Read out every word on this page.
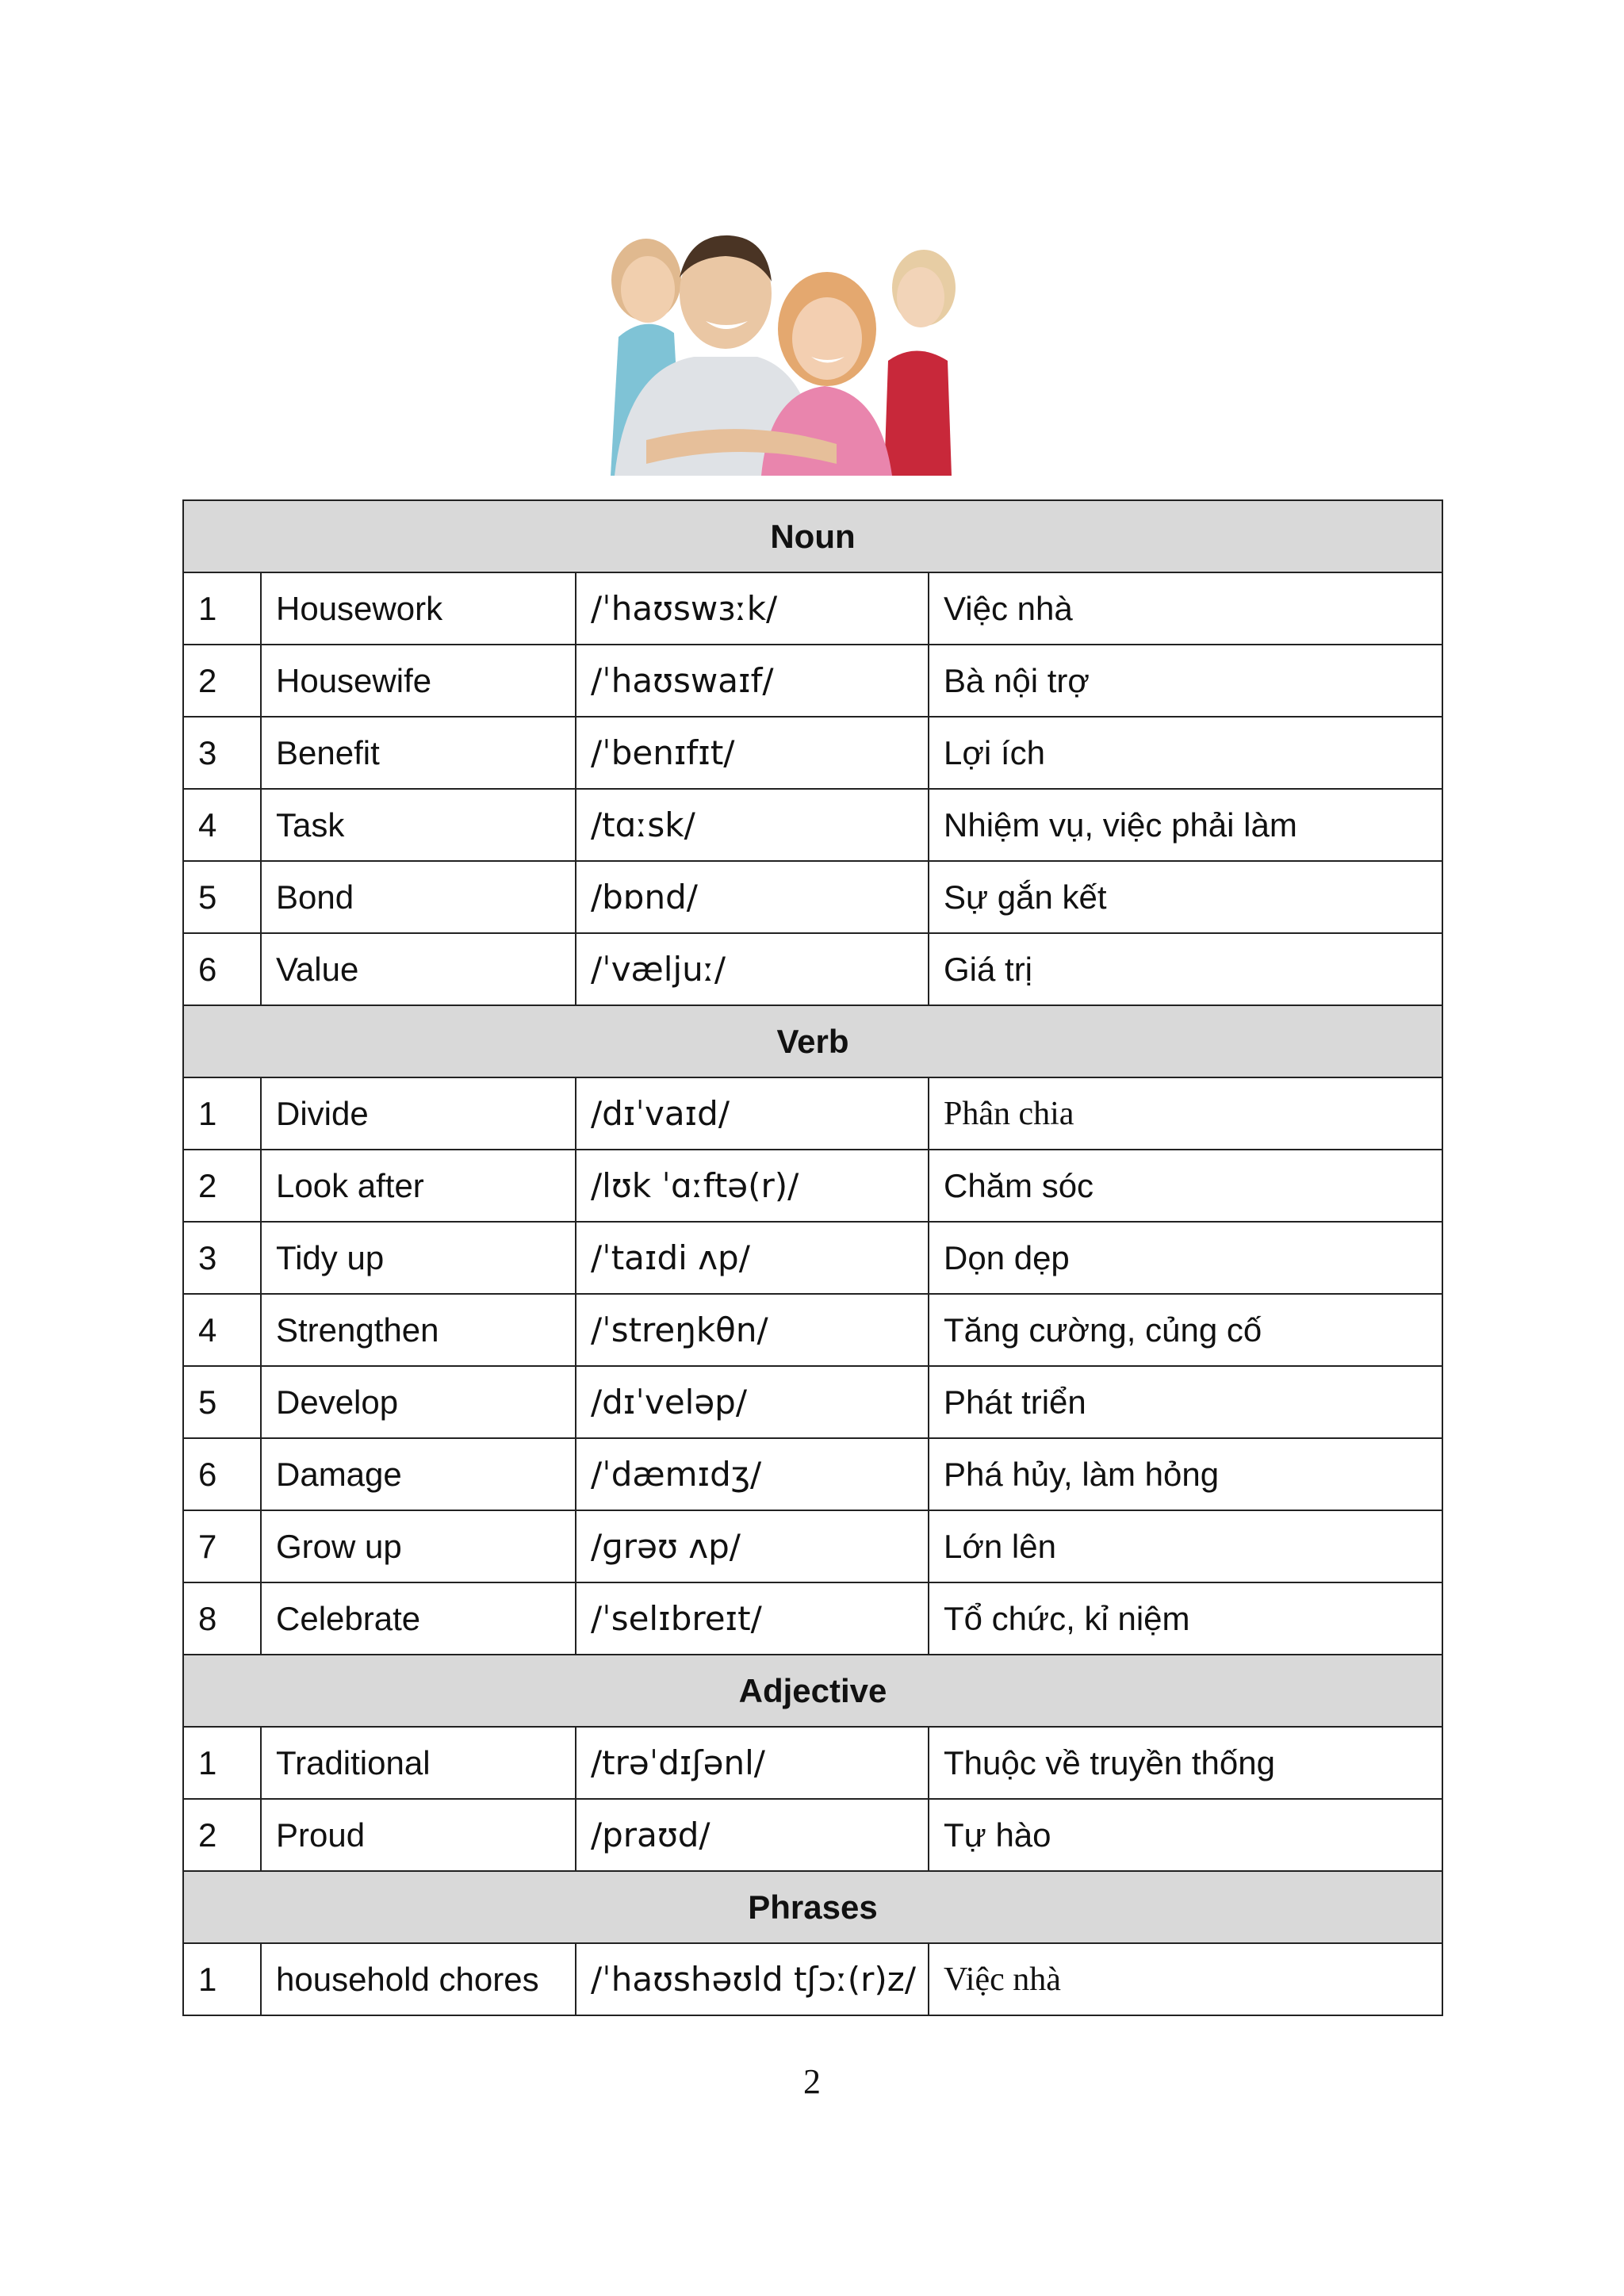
Noun			
1	Housework	/ˈhaʊswɜːk/	Việc nhà
2	Housewife	/ˈhaʊswaɪf/	Bà nội trợ
3	Benefit	/ˈbenɪfɪt/	Lợi ích
4	Task	/tɑːsk/	Nhiệm vụ, việc phải làm
5	Bond	/bɒnd/	Sự gắn kết
6	Value	/ˈvæljuː/	Giá trị
Verb			
1	Divide	/dɪˈvaɪd/	Phân chia
2	Look after	/lʊk ˈɑːftə(r)/	Chăm sóc
3	Tidy up	/ˈtaɪdi ʌp/	Dọn dẹp
4	Strengthen	/ˈstreŋkθn/	Tăng cường, củng cố
5	Develop	/dɪˈveləp/	Phát triển
6	Damage	/ˈdæmɪdʒ/	Phá hủy, làm hỏng
7	Grow up	/ɡrəʊ ʌp/	Lớn lên
8	Celebrate	/ˈselɪbreɪt/	Tổ chức, kỉ niệm
Adjective			
1	Traditional	/trəˈdɪʃənl/	Thuộc về truyền thống
2	Proud	/praʊd/	Tự hào
Phrases			
1	household chores	/ˈhaʊshəʊld tʃɔː(r)z/	Việc nhà
2
